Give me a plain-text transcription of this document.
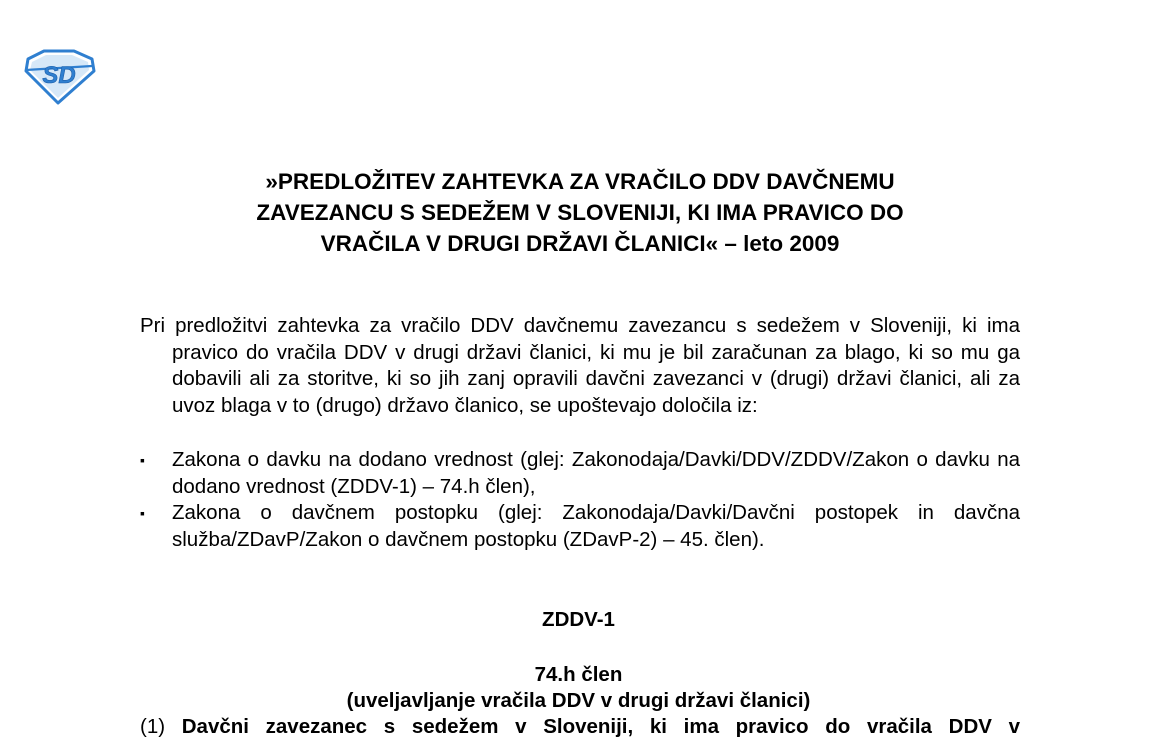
SD
»PREDLOŽITEV ZAHTEVKA ZA VRAČILO DDV DAVČNEMU
ZAVEZANCU S SEDEŽEM V SLOVENIJI, KI IMA PRAVICO DO
VRAČILA V DRUGI DRŽAVI ČLANICI« – leto 2009
Pri predložitvi zahtevka za vračilo DDV davčnemu zavezancu s sedežem v Sloveniji, ki ima pravico do vračila DDV v drugi državi članici, ki mu je bil zaračunan za blago, ki so mu ga dobavili ali za storitve, ki so jih zanj opravili davčni zavezanci v (drugi) državi članici, ali za uvoz blaga v to (drugo) državo članico, se upoštevajo določila iz:
▪ Zakona o davku na dodano vrednost (glej: Zakonodaja/Davki/DDV/ZDDV/Zakon o davku na dodano vrednost (ZDDV-1) – 74.h člen),
▪ Zakona o davčnem postopku (glej: Zakonodaja/Davki/Davčni postopek in davčna služba/ZDavP/Zakon o davčnem postopku (ZDavP-2) – 45. člen).
ZDDV-1
74.h člen
(uveljavljanje vračila DDV v drugi državi članici)
(1) Davčni zavezanec s sedežem v Sloveniji, ki ima pravico do vračila DDV v
